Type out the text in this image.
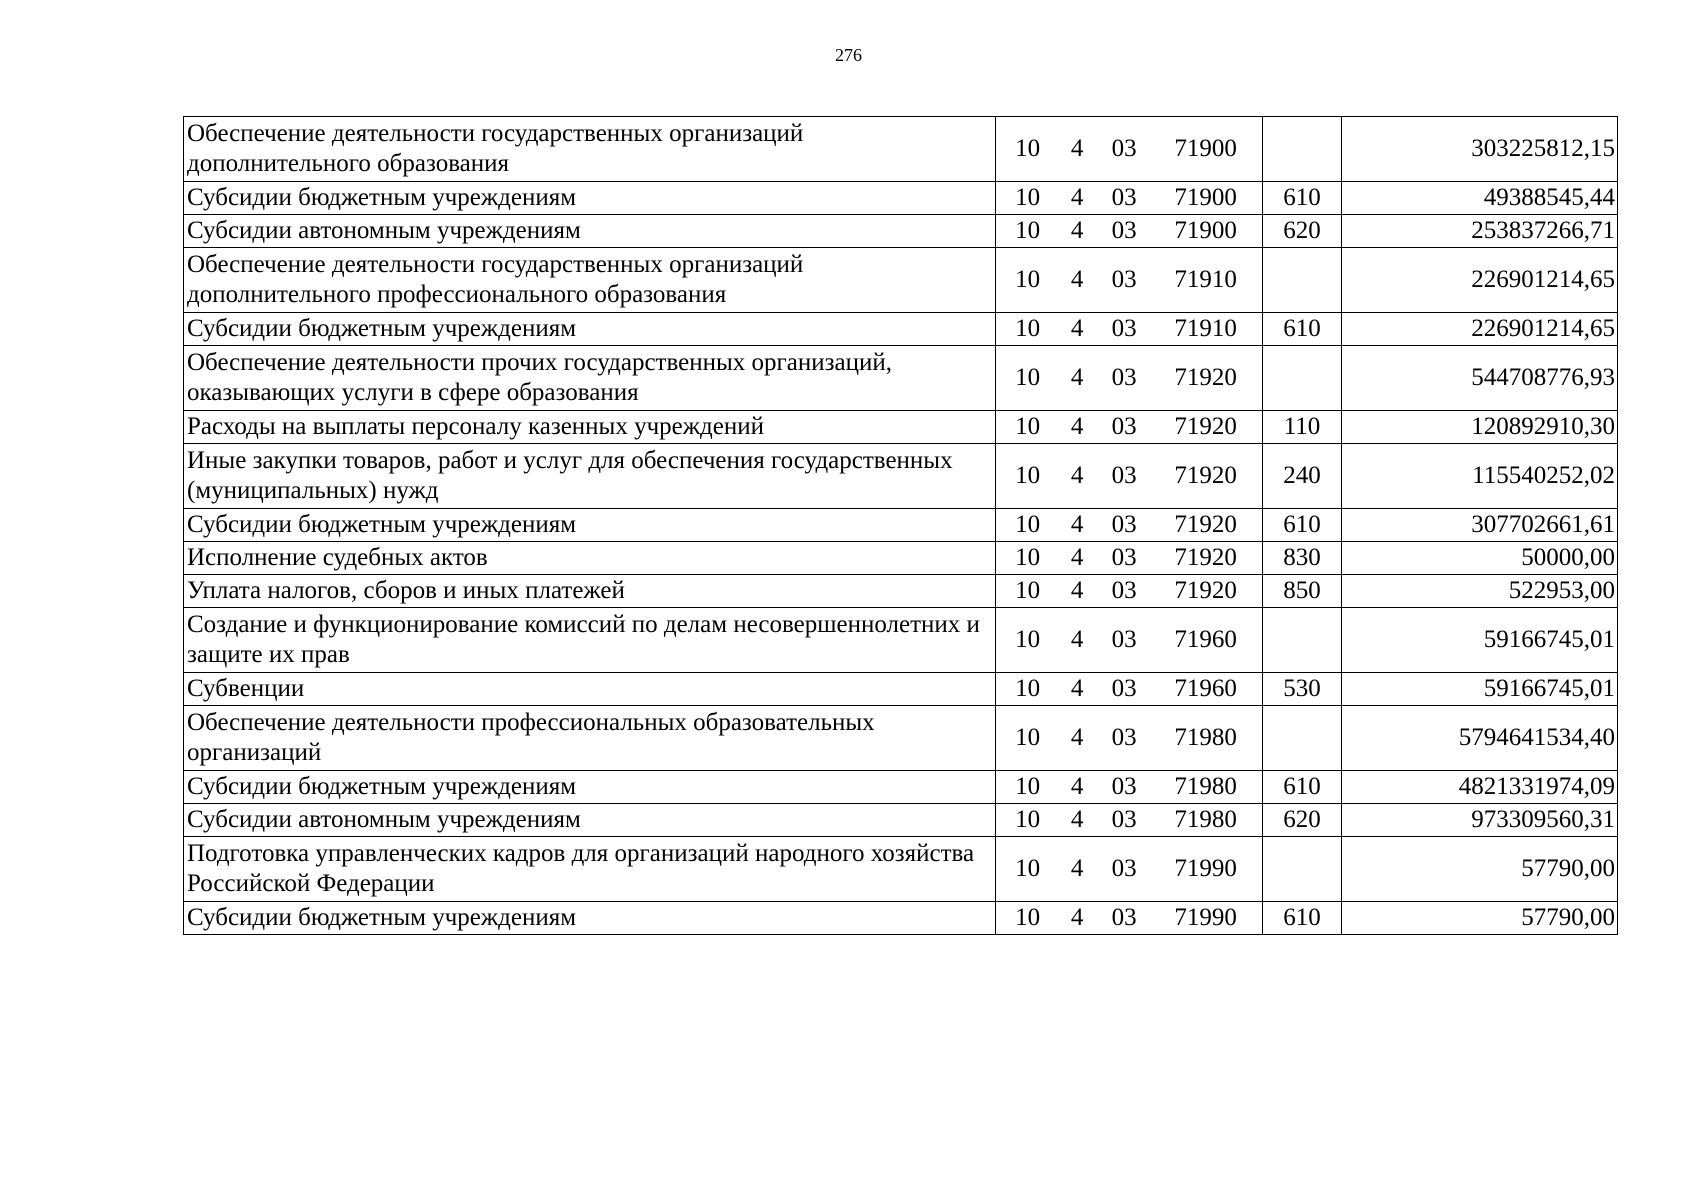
276
Обеспечение деятельности государственных организаций дополнительного образования	10 4 03 71900		303225812,15
Субсидии бюджетным учреждениям	10 4 03 71900	610	49388545,44
Субсидии автономным учреждениям	10 4 03 71900	620	253837266,71
Обеспечение деятельности государственных организаций дополнительного профессионального образования	10 4 03 71910		226901214,65
Субсидии бюджетным учреждениям	10 4 03 71910	610	226901214,65
Обеспечение деятельности прочих государственных организаций, оказывающих услуги в сфере образования	10 4 03 71920		544708776,93
Расходы на выплаты персоналу казенных учреждений	10 4 03 71920	110	120892910,30
Иные закупки товаров, работ и услуг для обеспечения государственных (муниципальных) нужд	10 4 03 71920	240	115540252,02
Субсидии бюджетным учреждениям	10 4 03 71920	610	307702661,61
Исполнение судебных актов	10 4 03 71920	830	50000,00
Уплата налогов, сборов и иных платежей	10 4 03 71920	850	522953,00
Создание и функционирование комиссий по делам несовершеннолетних и защите их прав	10 4 03 71960		59166745,01
Субвенции	10 4 03 71960	530	59166745,01
Обеспечение деятельности профессиональных образовательных организаций	10 4 03 71980		5794641534,40
Субсидии бюджетным учреждениям	10 4 03 71980	610	4821331974,09
Субсидии автономным учреждениям	10 4 03 71980	620	973309560,31
Подготовка управленческих кадров для организаций народного хозяйства Российской Федерации	10 4 03 71990		57790,00
Субсидии бюджетным учреждениям	10 4 03 71990	610	57790,00
